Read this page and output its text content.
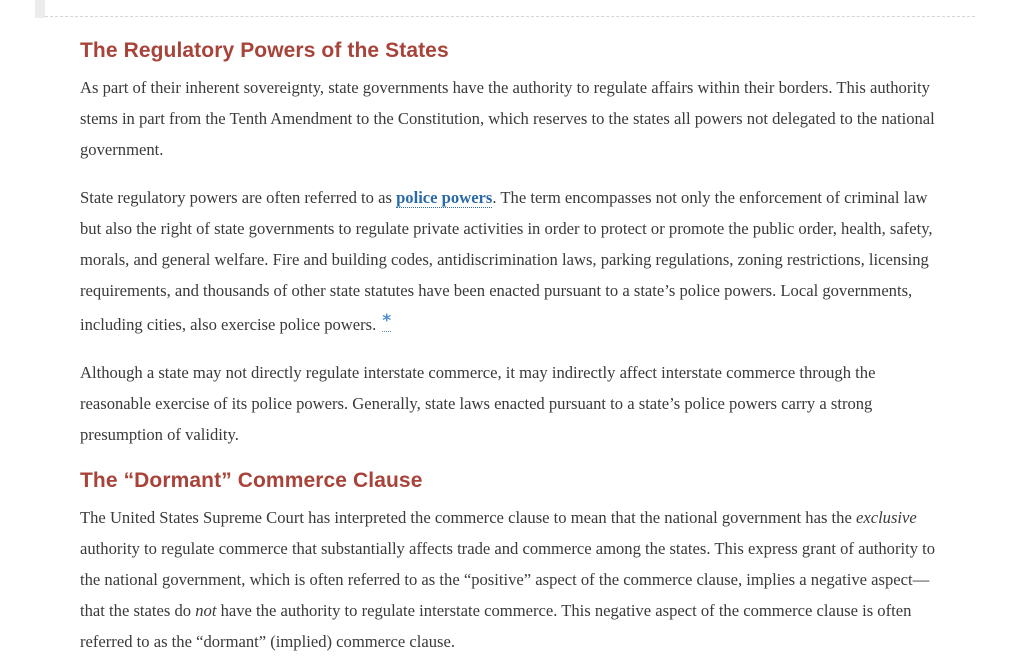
The Regulatory Powers of the States

As part of their inherent sovereignty, state governments have the authority to regulate affairs within their borders. This authority stems in part from the Tenth Amendment to the Constitution, which reserves to the states all powers not delegated to the national government.

State regulatory powers are often referred to as police powers. The term encompasses not only the enforcement of criminal law but also the right of state governments to regulate private activities in order to protect or promote the public order, health, safety, morals, and general welfare. Fire and building codes, antidiscrimination laws, parking regulations, zoning restrictions, licensing requirements, and thousands of other state statutes have been enacted pursuant to a state’s police powers. Local governments, including cities, also exercise police powers. *

Although a state may not directly regulate interstate commerce, it may indirectly affect interstate commerce through the reasonable exercise of its police powers. Generally, state laws enacted pursuant to a state’s police powers carry a strong presumption of validity.

The “Dormant” Commerce Clause

The United States Supreme Court has interpreted the commerce clause to mean that the national government has the exclusive authority to regulate commerce that substantially affects trade and commerce among the states. This express grant of authority to the national government, which is often referred to as the “positive” aspect of the commerce clause, implies a negative aspect—that the states do not have the authority to regulate interstate commerce. This negative aspect of the commerce clause is often referred to as the “dormant” (implied) commerce clause.
